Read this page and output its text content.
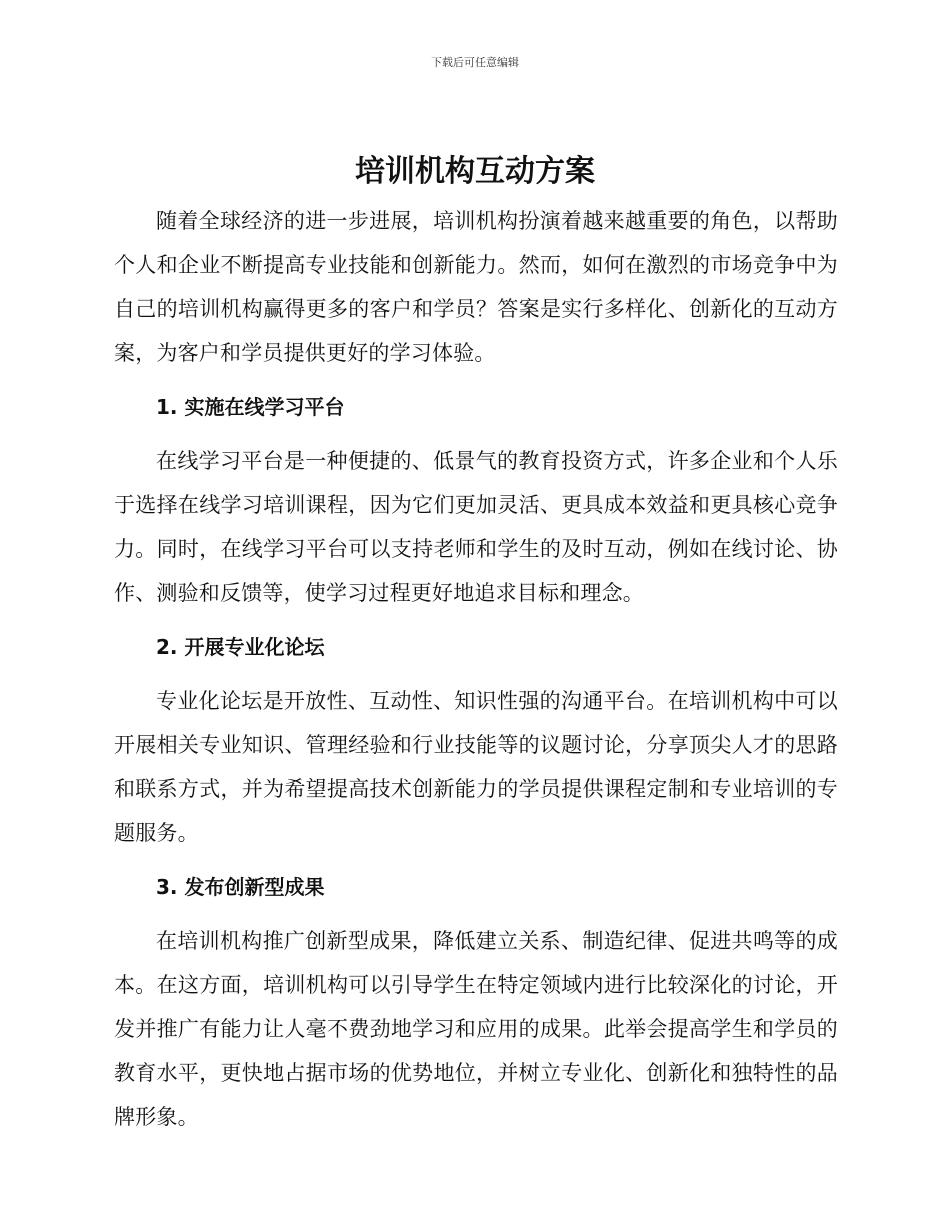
下载后可任意编辑
培训机构互动方案

随着全球经济的进一步进展，培训机构扮演着越来越重要的角色，以帮助个人和企业不断提高专业技能和创新能力。然而，如何在激烈的市场竞争中为自己的培训机构赢得更多的客户和学员？答案是实行多样化、创新化的互动方案，为客户和学员提供更好的学习体验。

1. 实施在线学习平台

在线学习平台是一种便捷的、低景气的教育投资方式，许多企业和个人乐于选择在线学习培训课程，因为它们更加灵活、更具成本效益和更具核心竞争力。同时，在线学习平台可以支持老师和学生的及时互动，例如在线讨论、协作、测验和反馈等，使学习过程更好地追求目标和理念。

2. 开展专业化论坛

专业化论坛是开放性、互动性、知识性强的沟通平台。在培训机构中可以开展相关专业知识、管理经验和行业技能等的议题讨论，分享顶尖人才的思路和联系方式，并为希望提高技术创新能力的学员提供课程定制和专业培训的专题服务。

3. 发布创新型成果

在培训机构推广创新型成果，降低建立关系、制造纪律、促进共鸣等的成本。在这方面，培训机构可以引导学生在特定领域内进行比较深化的讨论，开发并推广有能力让人毫不费劲地学习和应用的成果。此举会提高学生和学员的教育水平，更快地占据市场的优势地位，并树立专业化、创新化和独特性的品牌形象。
